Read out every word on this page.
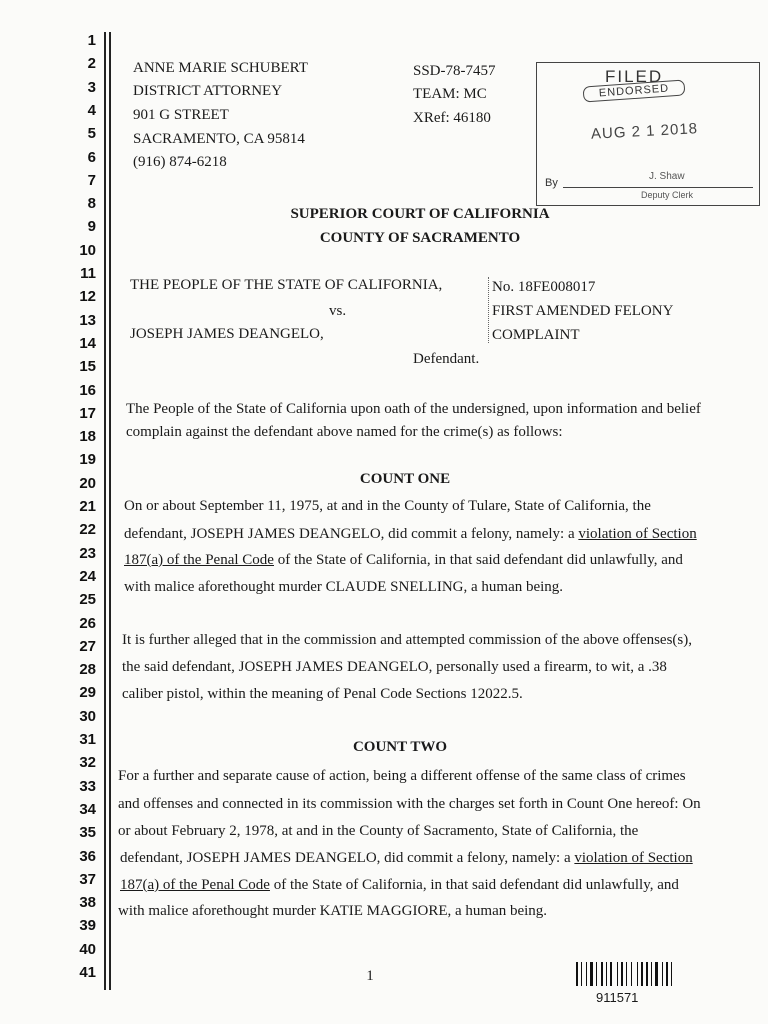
1
2
3
4
5
6
7
8
9
10
11
12
13
14
15
16
17
18
19
20
21
22
23
24
25
26
27
28
29
30
31
32
33
34
35
36
37
38
39
40
41
ANNE MARIE SCHUBERT
DISTRICT ATTORNEY
901 G STREET
SACRAMENTO, CA 95814
(916) 874-6218
SSD-78-7457
TEAM: MC
XRef: 46180
FILED
ENDORSED
AUG 2 1 2018
By
J. Shaw
Deputy Clerk
SUPERIOR COURT OF CALIFORNIA
COUNTY OF SACRAMENTO
THE PEOPLE OF THE STATE OF CALIFORNIA,
vs.
JOSEPH JAMES DEANGELO,
Defendant.
No. 18FE008017
FIRST AMENDED FELONY
COMPLAINT
The People of the State of California upon oath of the undersigned, upon information and belief
complain against the defendant above named for the crime(s) as follows:
COUNT ONE
On or about September 11, 1975, at and in the County of Tulare, State of California, the
defendant, JOSEPH JAMES DEANGELO, did commit a felony, namely: a violation of Section
187(a) of the Penal Code of the State of California, in that said defendant did unlawfully, and
with malice aforethought murder CLAUDE SNELLING, a human being.
It is further alleged that in the commission and attempted commission of the above offenses(s),
the said defendant, JOSEPH JAMES DEANGELO, personally used a firearm, to wit, a .38
caliber pistol, within the meaning of Penal Code Sections 12022.5.
COUNT TWO
For a further and separate cause of action, being a different offense of the same class of crimes
and offenses and connected in its commission with the charges set forth in Count One hereof: On
or about February 2, 1978, at and in the County of Sacramento, State of California, the
defendant, JOSEPH JAMES DEANGELO, did commit a felony, namely: a violation of Section
187(a) of the Penal Code of the State of California, in that said defendant did unlawfully, and
with malice aforethought murder KATIE MAGGIORE, a human being.
1
911571
